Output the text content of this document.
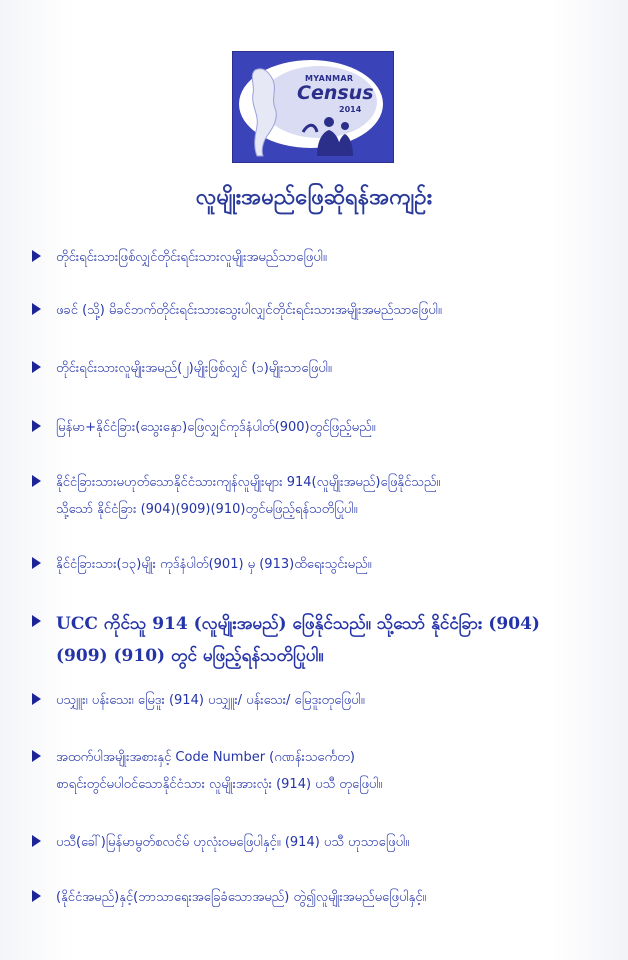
MYANMAR
Census
2014
လူမျိုးအမည်ဖြေဆိုရန်အကျဉ်း
တိုင်းရင်းသားဖြစ်လျှင်တိုင်းရင်းသားလူမျိုးအမည်သာဖြေပါ။
ဖခင် (သို့) မိခင်ဘက်တိုင်းရင်းသားသွေးပါလျှင်တိုင်းရင်းသားအမျိုးအမည်သာဖြေပါ။
တိုင်းရင်းသားလူမျိုးအမည်(၂)မျိုးဖြစ်လျှင် (၁)မျိုးသာဖြေပါ။
မြန်မာ+နိုင်ငံခြား(သွေးနှော)ဖြေလျှင်ကုဒ်နံပါတ်(900)တွင်ဖြည့်မည်။
နိုင်ငံခြားသားမဟုတ်သောနိုင်ငံသားကျန်လူမျိုးများ 914(လူမျိုးအမည်)ဖြေနိုင်သည်။
သို့သော် နိုင်ငံခြား (904)(909)(910)တွင်မဖြည့်ရန်သတိပြုပါ။
နိုင်ငံခြားသား(၁၃)မျိုး ကုဒ်နံပါတ်(901) မှ (913)ထိရေးသွင်းမည်။
UCC ကိုင်သူ 914 (လူမျိုးအမည်) ဖြေနိုင်သည်။ သို့သော် နိုင်ငံခြား (904)
(909) (910) တွင် မဖြည့်ရန်သတိပြုပါ။
ပသျှူး၊ ပန်းသေး၊ မြေဒူး (914) ပသျှူး/ ပန်းသေး/ မြေဒူးတုဖြေပါ။
အထက်ပါအမျိုးအစားနှင့် Code Number (ဂဏန်းသင်္ကေတ)
စာရင်းတွင်မပါဝင်သောနိုင်ငံသား လူမျိုးအားလုံး (914) ပသီ တုဖြေပါ။
ပသီ(ခေါ်)မြန်မာမွတ်စလင်မ် ဟုလုံးဝမဖြေပါနှင့်။ (914) ပသီ ဟုသာဖြေပါ။
(နိုင်ငံအမည်)နှင့်(ဘာသာရေးအခြေခံသောအမည်) တွဲ၍လူမျိုးအမည်မဖြေပါနှင့်။
